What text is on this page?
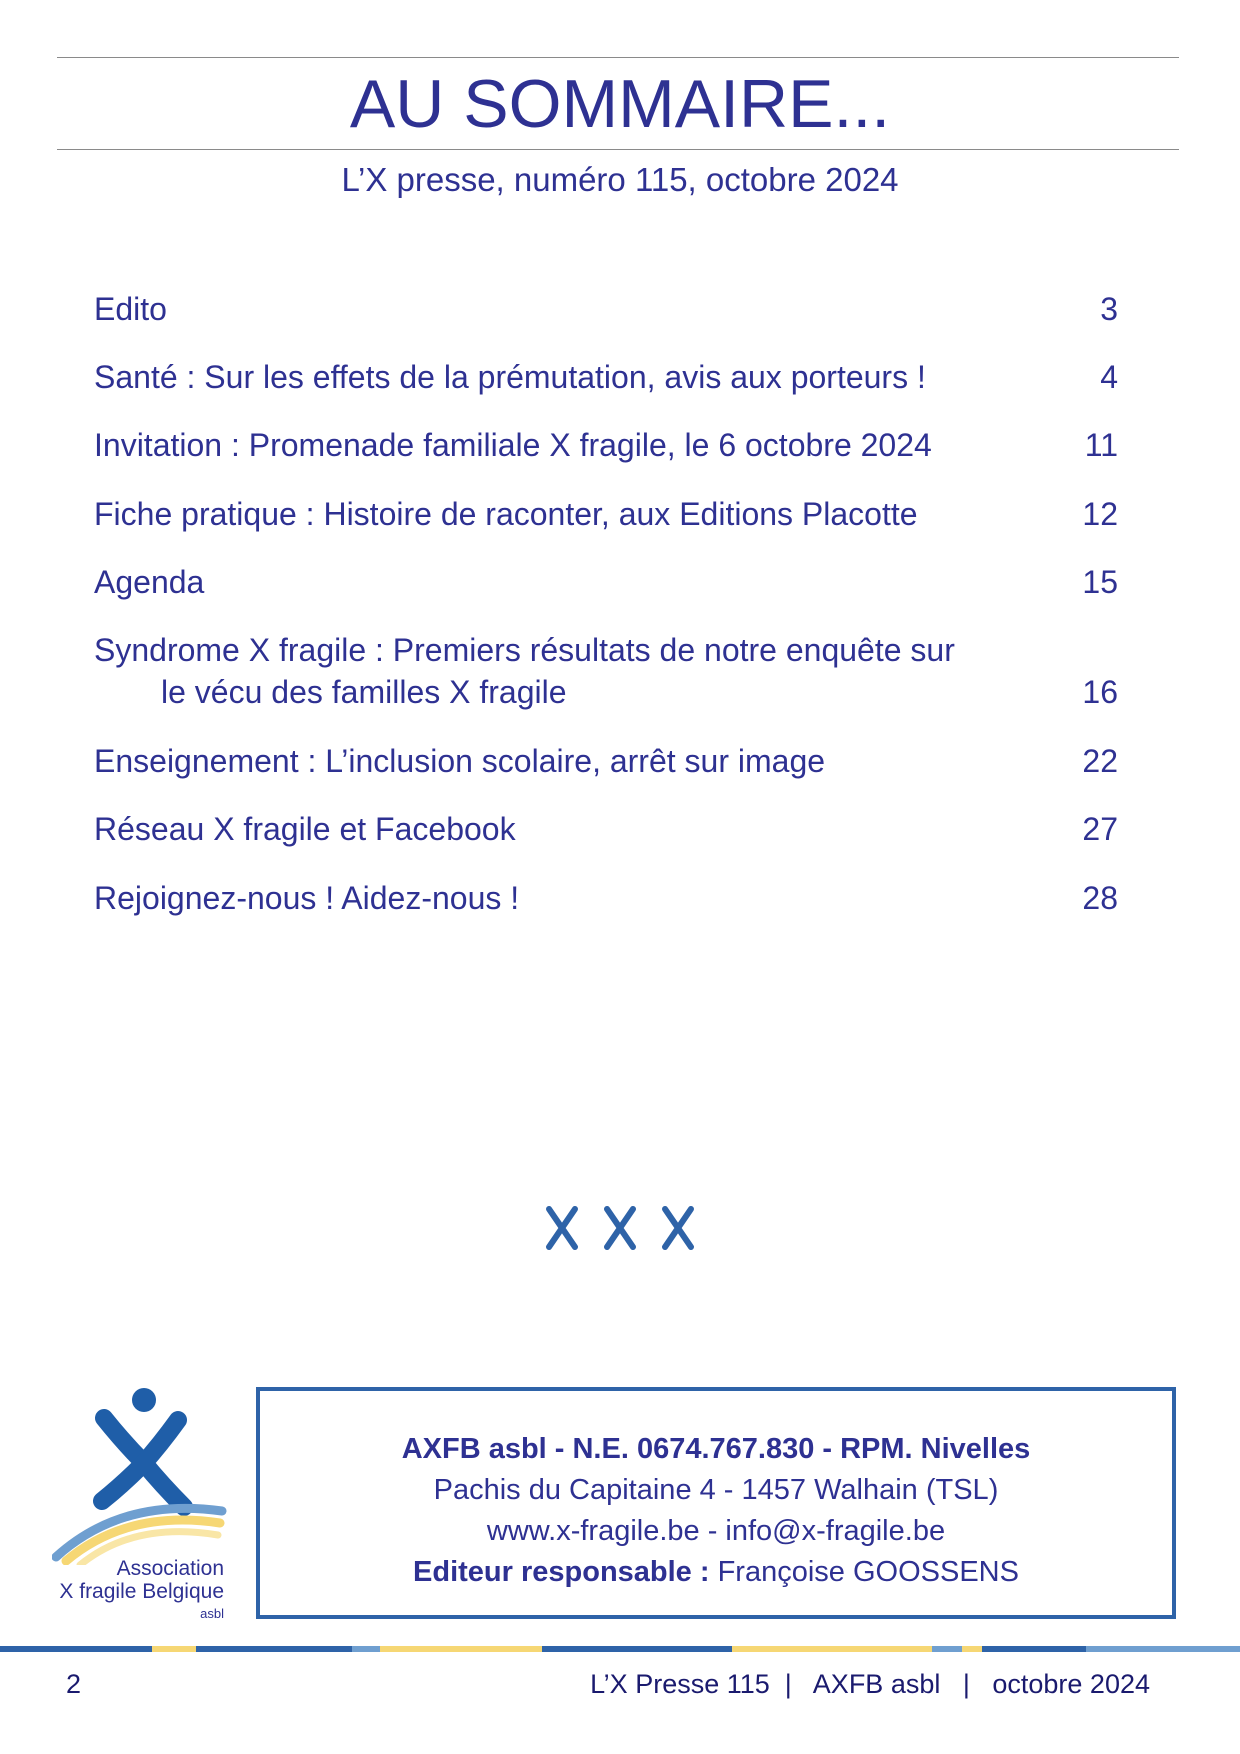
AU SOMMAIRE...
L’X presse, numéro 115, octobre 2024
Edito	3
Santé : Sur les effets de la prémutation, avis aux porteurs !	4
Invitation : Promenade familiale X fragile, le 6 octobre 2024	11
Fiche pratique : Histoire de raconter, aux Editions Placotte	12
Agenda	15
Syndrome X fragile : Premiers résultats de notre enquête sur
le vécu des familles X fragile	16
Enseignement : L’inclusion scolaire, arrêt sur image	22
Réseau X fragile et Facebook	27
Rejoignez-nous ! Aidez-nous !	28
Association
X fragile Belgique
asbl
AXFB asbl - N.E. 0674.767.830 - RPM. Nivelles
Pachis du Capitaine 4 - 1457 Walhain (TSL)
www.x-fragile.be - info@x-fragile.be
Editeur responsable : Françoise GOOSSENS
2	L’X Presse 115  |   AXFB asbl   |   octobre 2024
